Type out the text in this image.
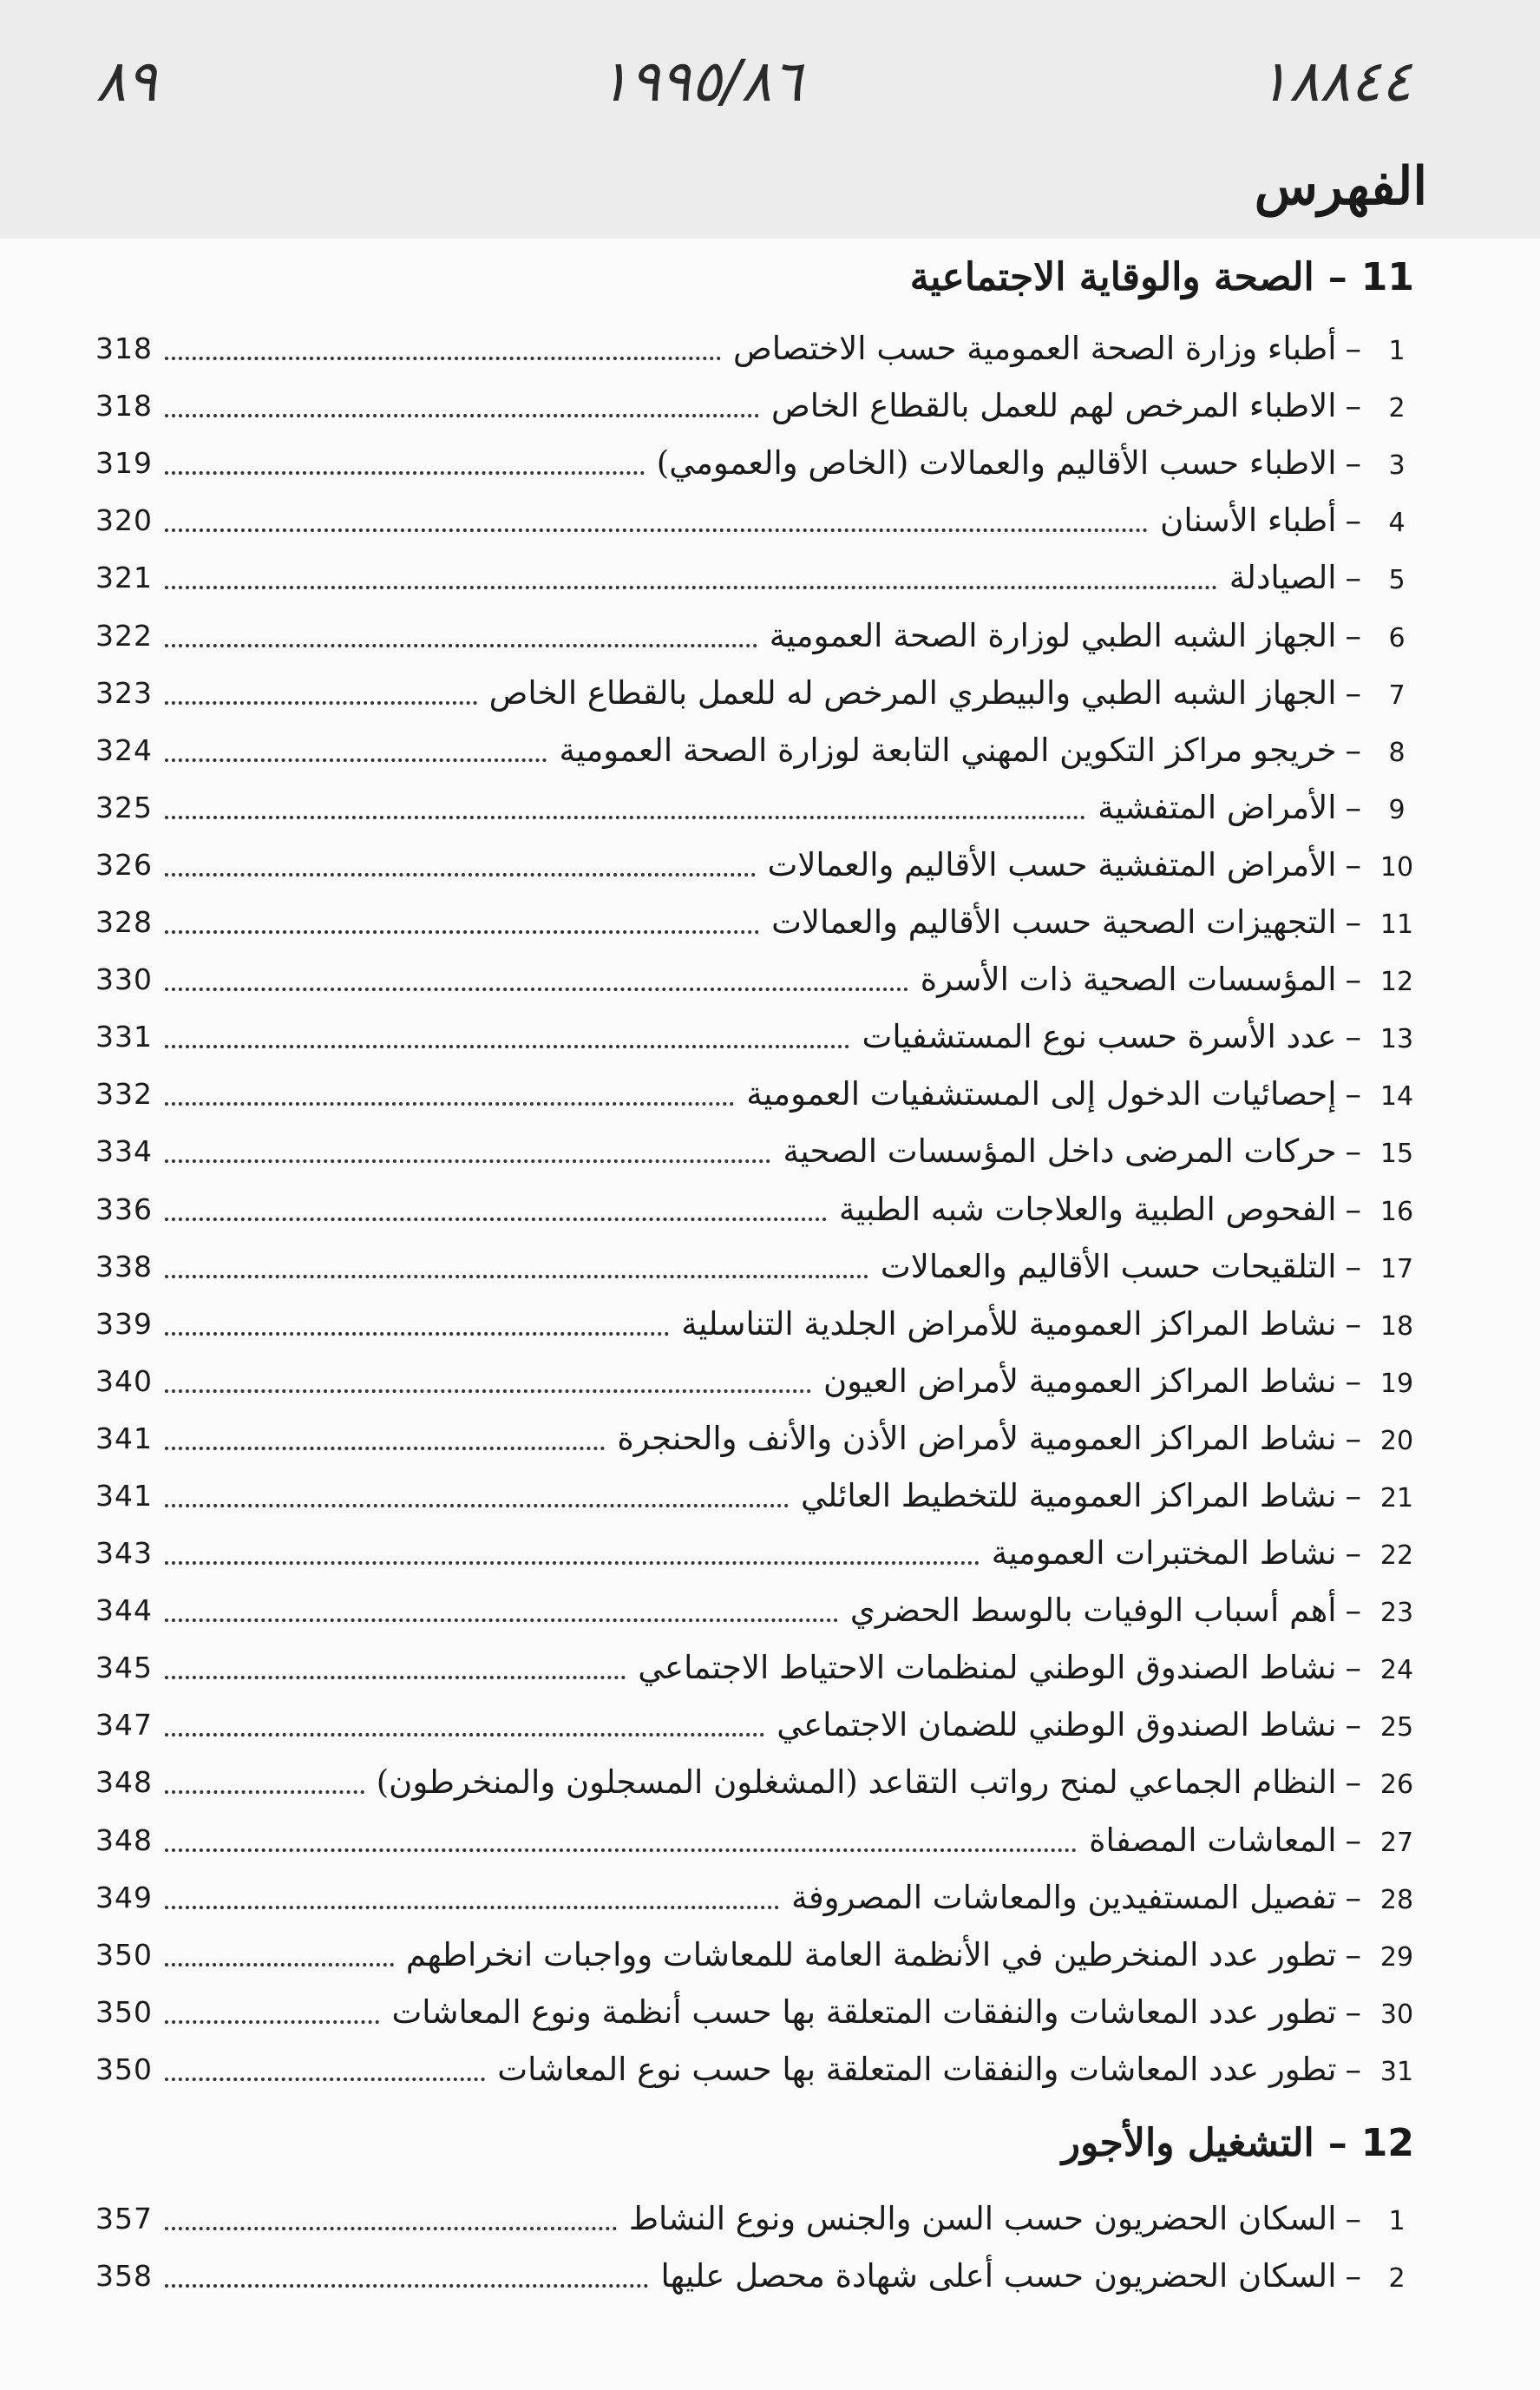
١٨٨٤٤
١٩٩٥/٨٦
٨٩
الفهرس
11–الصحة والوقاية الاجتماعية
1
–
أطباء وزارة الصحة العمومية حسب الاختصاص
318
2
–
الاطباء المرخص لهم للعمل بالقطاع الخاص
318
3
–
الاطباء حسب الأقاليم والعمالات (الخاص والعمومي)
319
4
–
أطباء الأسنان
320
5
–
الصيادلة
321
6
–
الجهاز الشبه الطبي لوزارة الصحة العمومية
322
7
–
الجهاز الشبه الطبي والبيطري المرخص له للعمل بالقطاع الخاص
323
8
–
خريجو مراكز التكوين المهني التابعة لوزارة الصحة العمومية
324
9
–
الأمراض المتفشية
325
10
–
الأمراض المتفشية حسب الأقاليم والعمالات
326
11
–
التجهيزات الصحية حسب الأقاليم والعمالات
328
12
–
المؤسسات الصحية ذات الأسرة
330
13
–
عدد الأسرة حسب نوع المستشفيات
331
14
–
إحصائيات الدخول إلى المستشفيات العمومية
332
15
–
حركات المرضى داخل المؤسسات الصحية
334
16
–
الفحوص الطبية والعلاجات شبه الطبية
336
17
–
التلقيحات حسب الأقاليم والعمالات
338
18
–
نشاط المراكز العمومية للأمراض الجلدية التناسلية
339
19
–
نشاط المراكز العمومية لأمراض العيون
340
20
–
نشاط المراكز العمومية لأمراض الأذن والأنف والحنجرة
341
21
–
نشاط المراكز العمومية للتخطيط العائلي
341
22
–
نشاط المختبرات العمومية
343
23
–
أهم أسباب الوفيات بالوسط الحضري
344
24
–
نشاط الصندوق الوطني لمنظمات الاحتياط الاجتماعي
345
25
–
نشاط الصندوق الوطني للضمان الاجتماعي
347
26
–
النظام الجماعي لمنح رواتب التقاعد (المشغلون المسجلون والمنخرطون)
348
27
–
المعاشات المصفاة
348
28
–
تفصيل المستفيدين والمعاشات المصروفة
349
29
–
تطور عدد المنخرطين في الأنظمة العامة للمعاشات وواجبات انخراطهم
350
30
–
تطور عدد المعاشات والنفقات المتعلقة بها حسب أنظمة ونوع المعاشات
350
31
–
تطور عدد المعاشات والنفقات المتعلقة بها حسب نوع المعاشات
350
12–التشغيل والأجور
1
–
السكان الحضريون حسب السن والجنس ونوع النشاط
357
2
–
السكان الحضريون حسب أعلى شهادة محصل عليها
358
